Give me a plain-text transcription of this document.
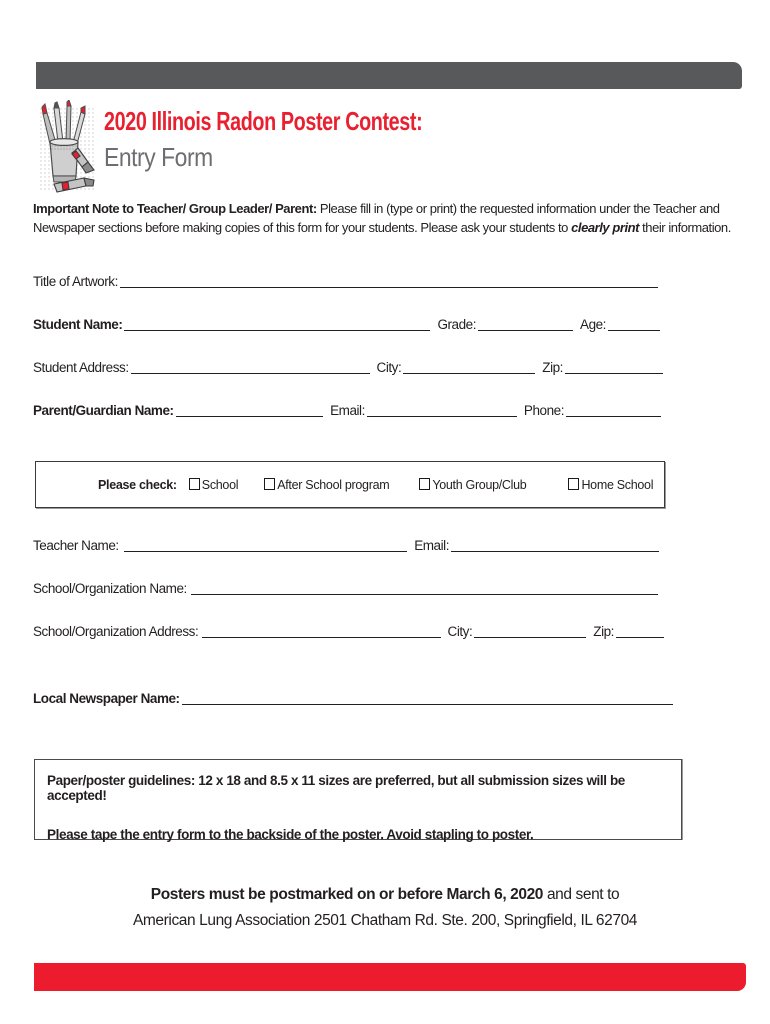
2020 Illinois Radon Poster Contest:
Entry Form
Important Note to Teacher/ Group Leader/ Parent: Please fill in (type or print) the requested information under the Teacher and Newspaper sections before making copies of this form for your students. Please ask your students to clearly print their information.
Title of Artwork:
Student Name:	Grade:	Age:
Student Address:	City:	Zip:
Parent/Guardian Name:	Email:	Phone:
Please check:	School	After School program	Youth Group/Club	Home School
Teacher Name:	Email:
School/Organization Name:
School/Organization Address:	City:	Zip:
Local Newspaper Name:
Paper/poster guidelines: 12 x 18 and 8.5 x 11 sizes are preferred, but all submission sizes will be accepted!
Please tape the entry form to the backside of the poster. Avoid stapling to poster.
Posters must be postmarked on or before March 6, 2020 and sent to
American Lung Association 2501 Chatham Rd. Ste. 200, Springfield, IL 62704
